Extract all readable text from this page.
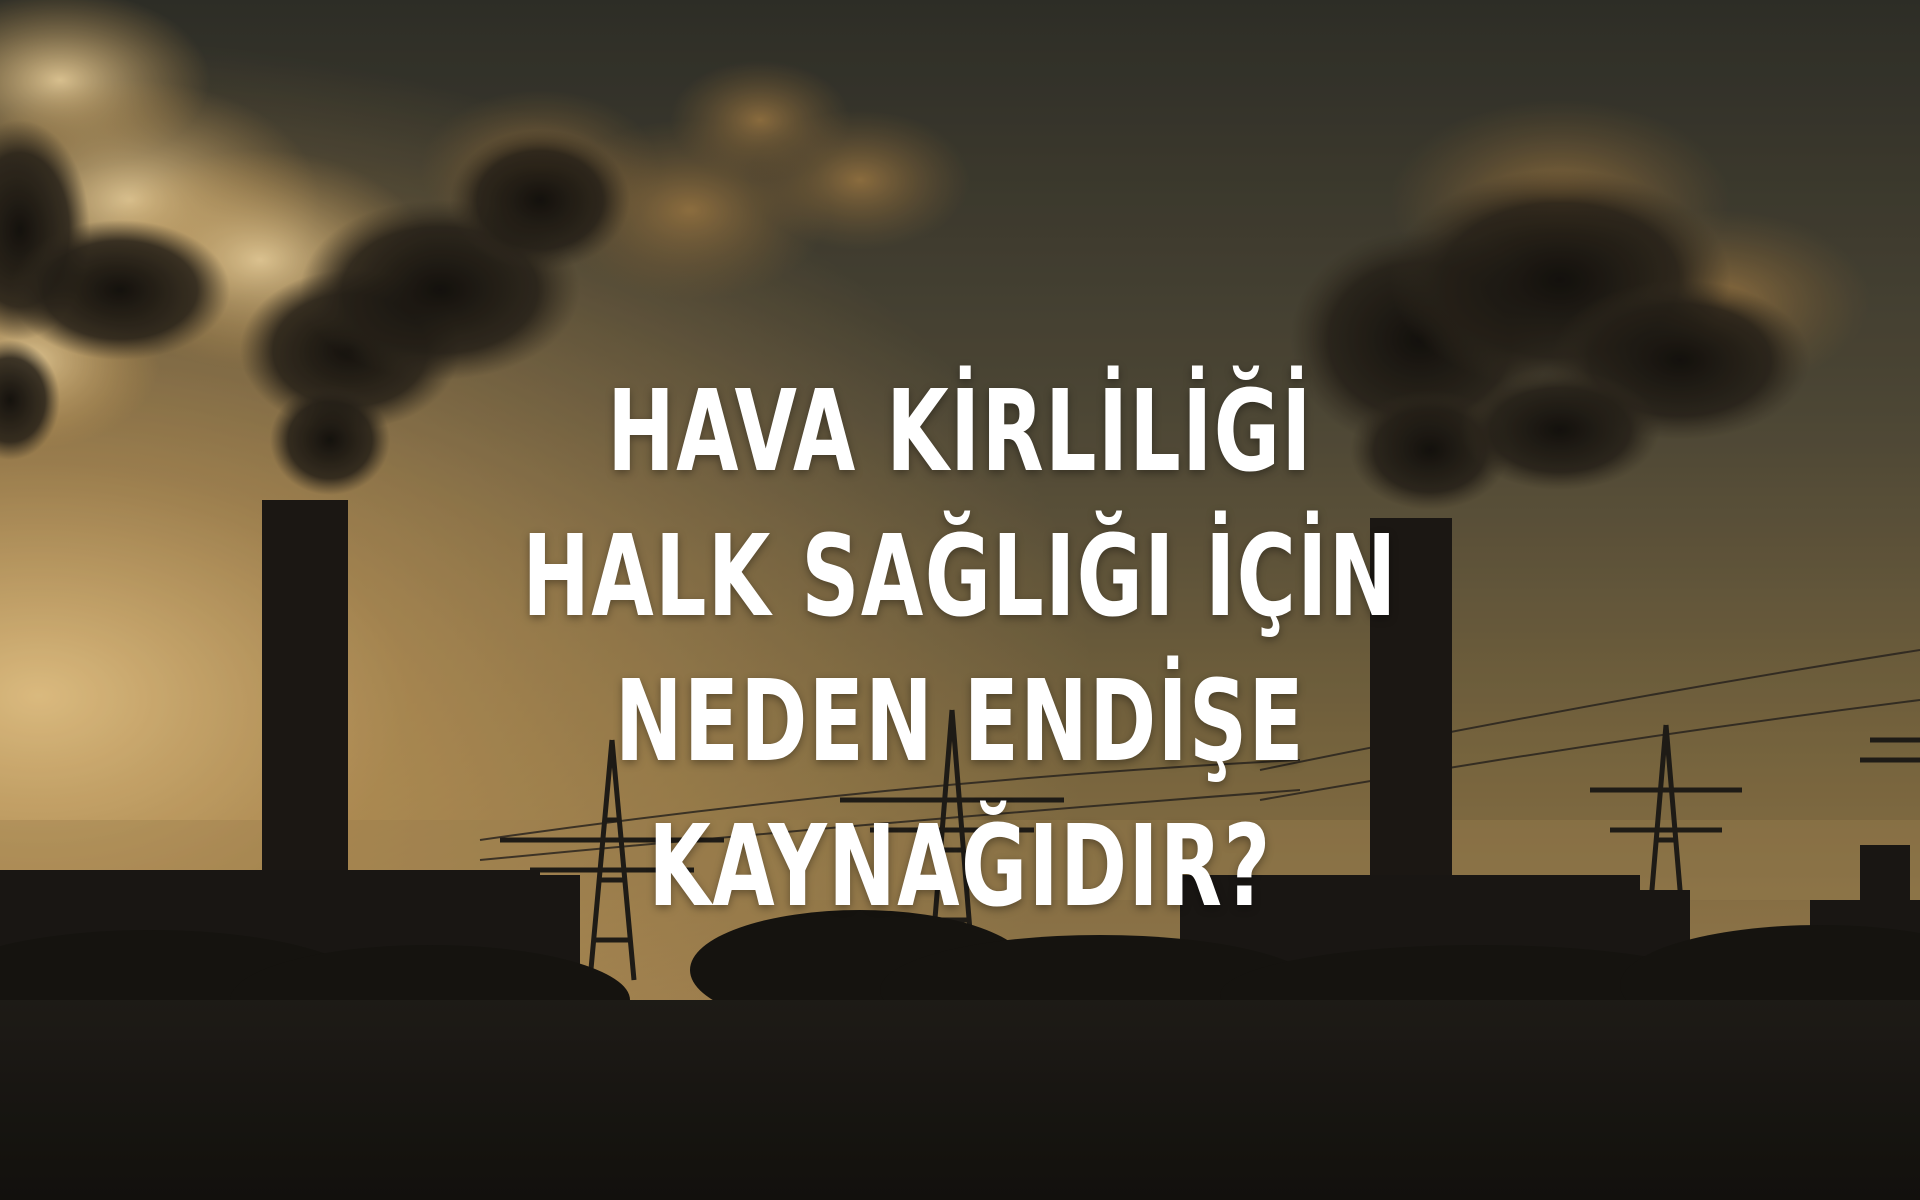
HAVA KİRLİLİĞİ
HALK SAĞLIĞI İÇİN
NEDEN ENDİŞE
KAYNAĞIDIR?
